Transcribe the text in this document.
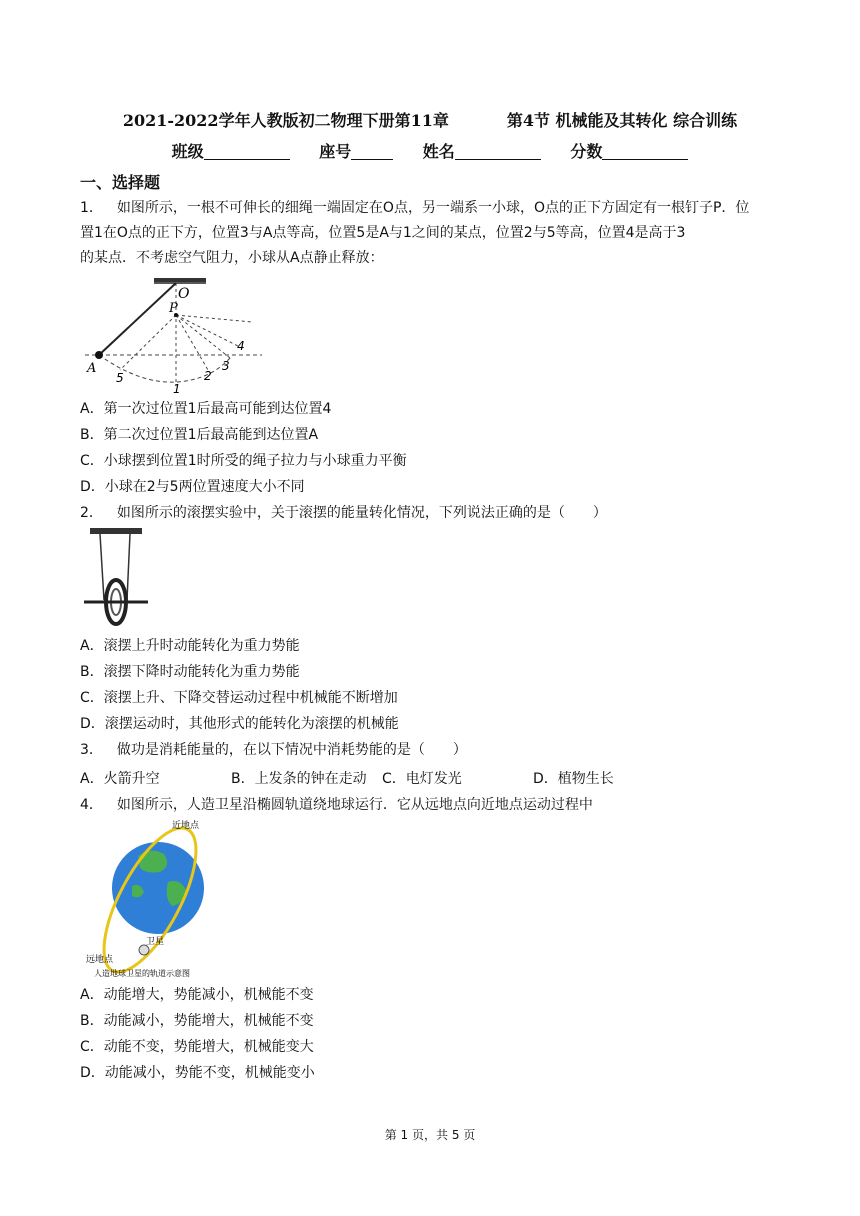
2021-2022学年人教版初二物理下册第11章	第4节 机械能及其转化 综合训练
班级	座号	姓名	分数
一、选择题
1． 如图所示，一根不可伸长的细绳一端固定在O点，另一端系一小球，O点的正下方固定有一根钉子P．位
置1在O点的正下方，位置3与A点等高，位置5是A与1之间的某点，位置2与5等高，位置4是高于3
的某点．不考虑空气阻力，小球从A点静止释放：
O
P
A
5
1
2
3
4
A．第一次过位置1后最高可能到达位置4
B．第二次过位置1后最高能到达位置A
C．小球摆到位置1时所受的绳子拉力与小球重力平衡
D．小球在2与5两位置速度大小不同
2． 如图所示的滚摆实验中，关于滚摆的能量转化情况，下列说法正确的是（　　）
A．滚摆上升时动能转化为重力势能
B．滚摆下降时动能转化为重力势能
C．滚摆上升、下降交替运动过程中机械能不断增加
D．滚摆运动时，其他形式的能转化为滚摆的机械能
3． 做功是消耗能量的，在以下情况中消耗势能的是（　　）
A．火箭升空	B．上发条的钟在走动 C．电灯发光	D．植物生长
4． 如图所示，人造卫星沿椭圆轨道绕地球运行．它从远地点向近地点运动过程中
近地点
远地点
卫星
人造地球卫星的轨道示意图
A．动能增大，势能减小，机械能不变
B．动能减小，势能增大，机械能不变
C．动能不变，势能增大，机械能变大
D．动能减小，势能不变，机械能变小
第 1 页，共 5 页
